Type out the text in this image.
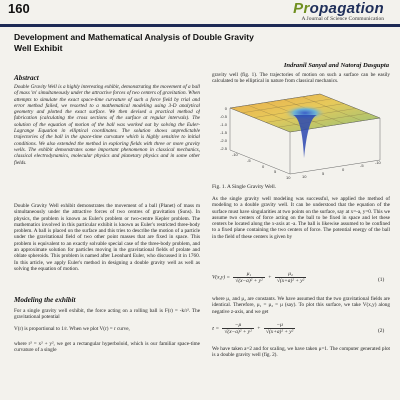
160	Propagation
A Journal of Science Communication
Development and Mathematical Analysis of Double Gravity Well Exhibit
Indranil Sanyal and Natoraj Dasgupta
Abstract
Double Gravity Well is a highly interesting exhibit, demonstrating the movement of a ball of mass 'm' simultaneously under the attractive forces of two centers of gravitation. When attempts to simulate the exact space-time curvature of such a force field by trial and error method failed, we resorted to a mathematical modeling using 3-D analytical geometry and plotted the exact surface. We then devised a practical method of fabrication (calculating the cross sections of the surface at regular intervals). The solution of the equation of motion of the ball was worked out by solving the Euler-Lagrange Equation in elliptical coordinates. The solution shows unpredictable trajectories of the ball in the space-time curvature which is highly sensitive to initial conditions. We also extended the method in exploring fields with three or more gravity wells. The exhibit demonstrates some important phenomenon in classical mechanics, classical electrodynamics, molecular physics and planetary physics and in some other fields.
Double Gravity Well exhibit demonstrates the movement of a ball (Planet) of mass m simultaneously under the attractive forces of two centres of gravitation (Suns). In physics, the problem is known as Euler's problem or two-centre Kepler problem. The mathematics involved in this particular exhibit is known as Euler's restricted three-body problem. A ball is placed on the surface and this tries to describe the motion of a particle under the gravitational field of two other point masses that are fixed in space. This problem is equivalent to an exactly solvable special case of the three-body problem, and an approximate solution for particles moving in the gravitational fields of prolate and oblate spheroids. This problem is named after Leonhard Euler, who discussed it in 1760. In this article, we apply Euler's method in designing a double gravity well as well as solving the equation of motion.
Modeling the exhibit
For a single gravity well exhibit, the force acting on a rolling ball is F(r) = -k/r². The gravitational potential
V(r) is proportional to 1/r. When we plot V(r) = r curve,
where r² = x² + y², we get a rectangular hyperboloid, which is our familiar space-time curvature of a single
gravity well (fig. 1). The trajectories of motion on such a surface can be easily calculated to be elliptical in nature from classical mechanics.
0
-0.5
-1.0
-1.5
-2.0
-2.5
-10
-5
0
5
10	10
5
0
-5
-10
Fig. 1. A Single Gravity Well.
As the single gravity well modeling was successful, we applied the method of modeling to a double gravity well. It can be understood that the equation of the surface must have singularities at two points on the surface, say at x=-a, y=0. This we assume two centers of force acting on the ball to be fixed in space and let these centers be located along the x-axis at -a. The ball is likewise assumed to be confined to a fixed plane containing the two centers of force. The potential energy of the ball in the field of these centers is given by
$V(x,y) = \frac{\text{μ₁}}{\text{√(x−a)² + y²}} + \frac{\text{μ₂}}{\text{√(x+a)² + y²}}$	(1)
where μ₁ and μ₂ are constants. We have assumed that the two gravitational fields are identical. Therefore, μ₁ = μ₂ = μ (say). To plot this surface, we take V(x,y) along negative z-axis, and we get
$z = \frac{-\mu}{\text{√(x−a)² + y²}} + \frac{-\mu}{\text{√(x+a)² + y²}}$	(2)
We have taken a=2 and for scaling, we have taken μ=1. The computer generated plot is a double gravity well (fig. 2).
